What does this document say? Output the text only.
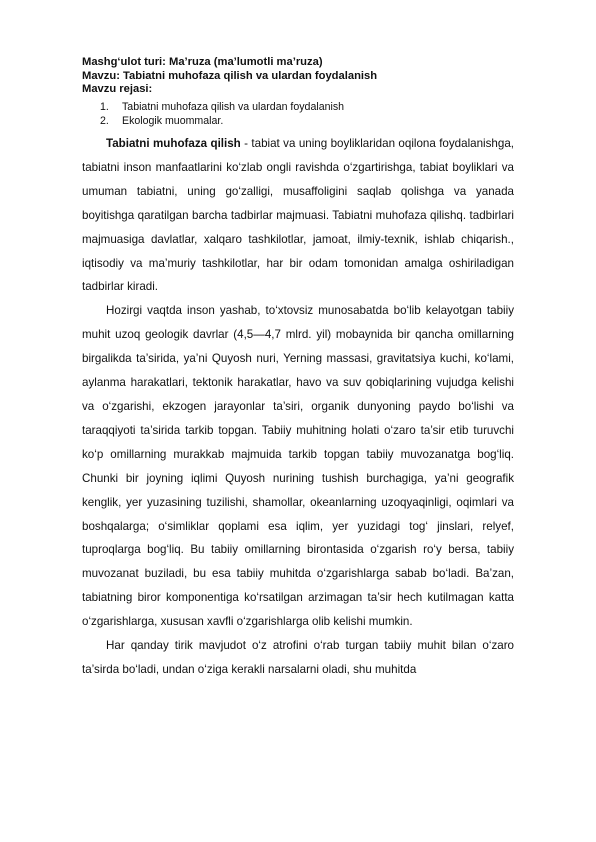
Mashg‘ulot turi: Ma’ruza (ma’lumotli ma’ruza)
Mavzu: Tabiatni muhofaza qilish va ulardan foydalanish
Mavzu rejasi:
1. Tabiatni muhofaza qilish va ulardan foydalanish
2. Ekologik muommalar.

Tabiatni muhofaza qilish - tabiat va uning boyliklaridan oqilona foydalanishga, tabiatni inson manfaatlarini ko‘zlab ongli ravishda o‘zgartirishga, tabiat boyliklari va umuman tabiatni, uning go‘zalligi, musaffoligini saqlab qolishga va yanada boyitishga qaratilgan barcha tadbirlar majmuasi. Tabiatni muhofaza qilishq. tadbirlari majmuasiga davlatlar, xalqaro tashkilotlar, jamoat, ilmiy-texnik, ishlab chiqarish., iqtisodiy va ma’muriy tashkilotlar, har bir odam tomonidan amalga oshiriladigan tadbirlar kiradi.

Hozirgi vaqtda inson yashab, to‘xtovsiz munosabatda bo‘lib kelayotgan tabiiy muhit uzoq geologik davrlar (4,5—4,7 mlrd. yil) mobaynida bir qancha omillarning birgalikda ta’sirida, ya’ni Quyosh nuri, Yerning massasi, gravitatsiya kuchi, ko‘lami, aylanma harakatlari, tektonik harakatlar, havo va suv qobiqlarining vujudga kelishi va o‘zgarishi, ekzogen jarayonlar ta’siri, organik dunyoning paydo bo‘lishi va taraqqiyoti ta’sirida tarkib topgan. Tabiiy muhitning holati o‘zaro ta’sir etib turuvchi ko‘p omillarning murakkab majmuida tarkib topgan tabiiy muvozanatga bog‘liq. Chunki bir joyning iqlimi Quyosh nurining tushish burchagiga, ya’ni geografik kenglik, yer yuzasining tuzilishi, shamollar, okeanlarning uzoqyaqinligi, oqimlari va boshqalarga; o‘simliklar qoplami esa iqlim, yer yuzidagi tog‘ jinslari, relyef, tuproqlarga bog‘liq. Bu tabiiy omillarning birontasida o‘zgarish ro‘y bersa, tabiiy muvozanat buziladi, bu esa tabiiy muhitda o‘zgarishlarga sabab bo‘ladi. Ba’zan, tabiatning biror komponentiga ko‘rsatilgan arzimagan ta’sir hech kutilmagan katta o‘zgarishlarga, xususan xavfli o‘zgarishlarga olib kelishi mumkin.

Har qanday tirik mavjudot o‘z atrofini o‘rab turgan tabiiy muhit bilan o‘zaro ta’sirda bo‘ladi, undan o‘ziga kerakli narsalarni oladi, shu muhitda
